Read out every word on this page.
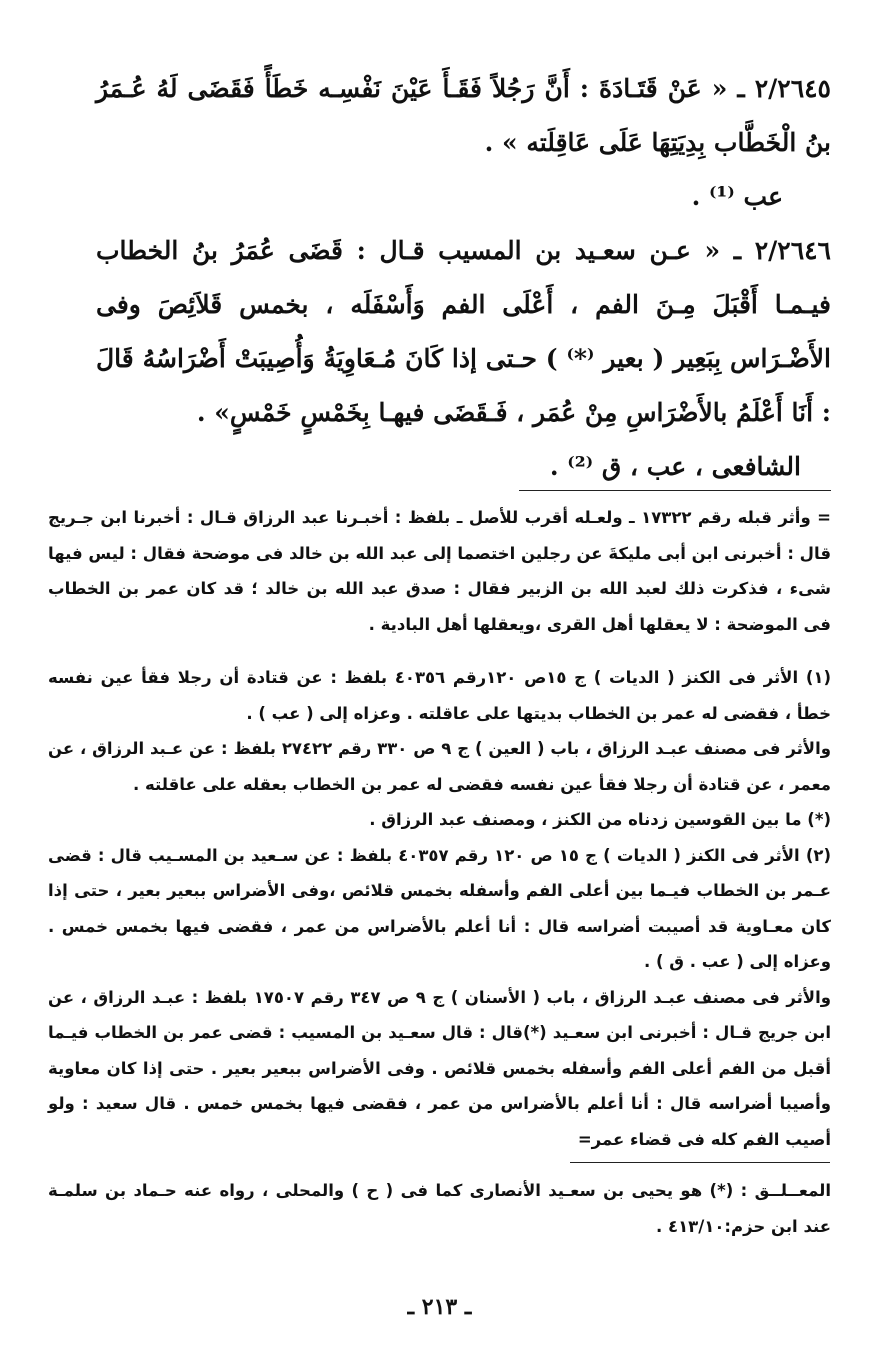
٢/٢٦٤٥ ـ « عَنْ قَتَـادَةَ : أَنَّ رَجُلاً فَقَـأَ عَيْنَ نَفْسِـه خَطَأً فَقَضَى لَهُ عُـمَرُ بنُ الْخَطَّاب بِدِيَتِهَا عَلَى عَاقِلَته » .

عب ⁽¹⁾ .

٢/٢٦٤٦ ـ « عـن سعـيد بن المسيب قـال : قَضَى عُمَرُ بنُ الخطاب فيـمـا أَقْبَلَ مِـنَ الفم ، أَعْلَى الفم وَأَسْفَلَه ، بخمس قَلاَئِصَ وفى الأَضْـرَاس بِبَعِير ( بعير ⁽*⁾ ) حـتى إذا كَانَ مُـعَاوِيَةُ وَأُصِيبَتْ أَضْرَاسُهُ قَالَ : أَنَا أَعْلَمُ بالأَضْرَاسِ مِنْ عُمَر ، فَـقَضَى فيهـا بِخَمْسٍ خَمْسٍ» .

الشافعى ، عب ، ق ⁽²⁾ .

= وأثر قبله رقم ١٧٣٢٢ ـ ولعـله أقرب للأصل ـ بلفظ : أخبـرنا عبد الرزاق قـال : أخبرنا ابن جـريج قال : أخبرنى ابن أبى مليكةَ عن رجلين اختصما إلى عبد الله بن خالد فى موضحة فقال : ليس فيها شىء ، فذكرت ذلك لعبد الله بن الزبير فقال : صدق عبد الله بن خالد ؛ قد كان عمر بن الخطاب فى الموضحة : لا يعقلها أهل القرى ،ويعقلها أهل البادية .

(١) الأثر فى الكنز ( الديات ) ج ١٥ص ١٢٠رقم ٤٠٣٥٦ بلفظ : عن قتادة أن رجلا فقأ عين نفسه خطأ ، فقضى له عمر بن الخطاب بديتها على عاقلته . وعزاه إلى ( عب ) .

والأثر فى مصنف عبـد الرزاق ، باب ( العين ) ج ٩ ص ٣٣٠ رقم ٢٧٤٢٢ بلفظ : عن عـبد الرزاق ، عن معمر ، عن قتادة أن رجلا فقأ عين نفسه فقضى له عمر بن الخطاب بعقله على عاقلته .

(*) ما بين القوسين زدناه من الكنز ، ومصنف عبد الرزاق .

(٢) الأثر فى الكنز ( الديات ) ج ١٥ ص ١٢٠ رقم ٤٠٣٥٧ بلفظ : عن سـعيد بن المسـيب قال : قضى عـمر بن الخطاب فيـما بين أعلى الفم وأسفله بخمس قلائص ،وفى الأضراس ببعير بعير ، حتى إذا كان معـاوية قد أصيبت أضراسه قال : أنا أعلم بالأضراس من عمر ، فقضى فيها بخمس خمس . وعزاه إلى ( عب . ق ) .

والأثر فى مصنف عبـد الرزاق ، باب ( الأسنان ) ج ٩ ص ٣٤٧ رقم ١٧٥٠٧ بلفظ : عبـد الرزاق ، عن ابن جريج قـال : أخبرنى ابن سعـيد (*)قال : قال سعـيد بن المسيب : قضى عمر بن الخطاب فيـما أقبل من الفم أعلى الفم وأسفله بخمس قلائص . وفى الأضراس ببعير بعير . حتى إذا كان معاوية وأصيبا أضراسه قال : أنا أعلم بالأضراس من عمر ، فقضى فيها بخمس خمس . قال سعيد : ولو أصيب الفم كله فى قضاء عمر=

المعــلــق : (*) هو يحيى بن سعـيد الأنصارى كما فى ( ح ) والمحلى ، رواه عنه حـماد بن سلمـة عند ابن حزم:٤١٣/١٠ .

ـ ٢١٣ ـ
